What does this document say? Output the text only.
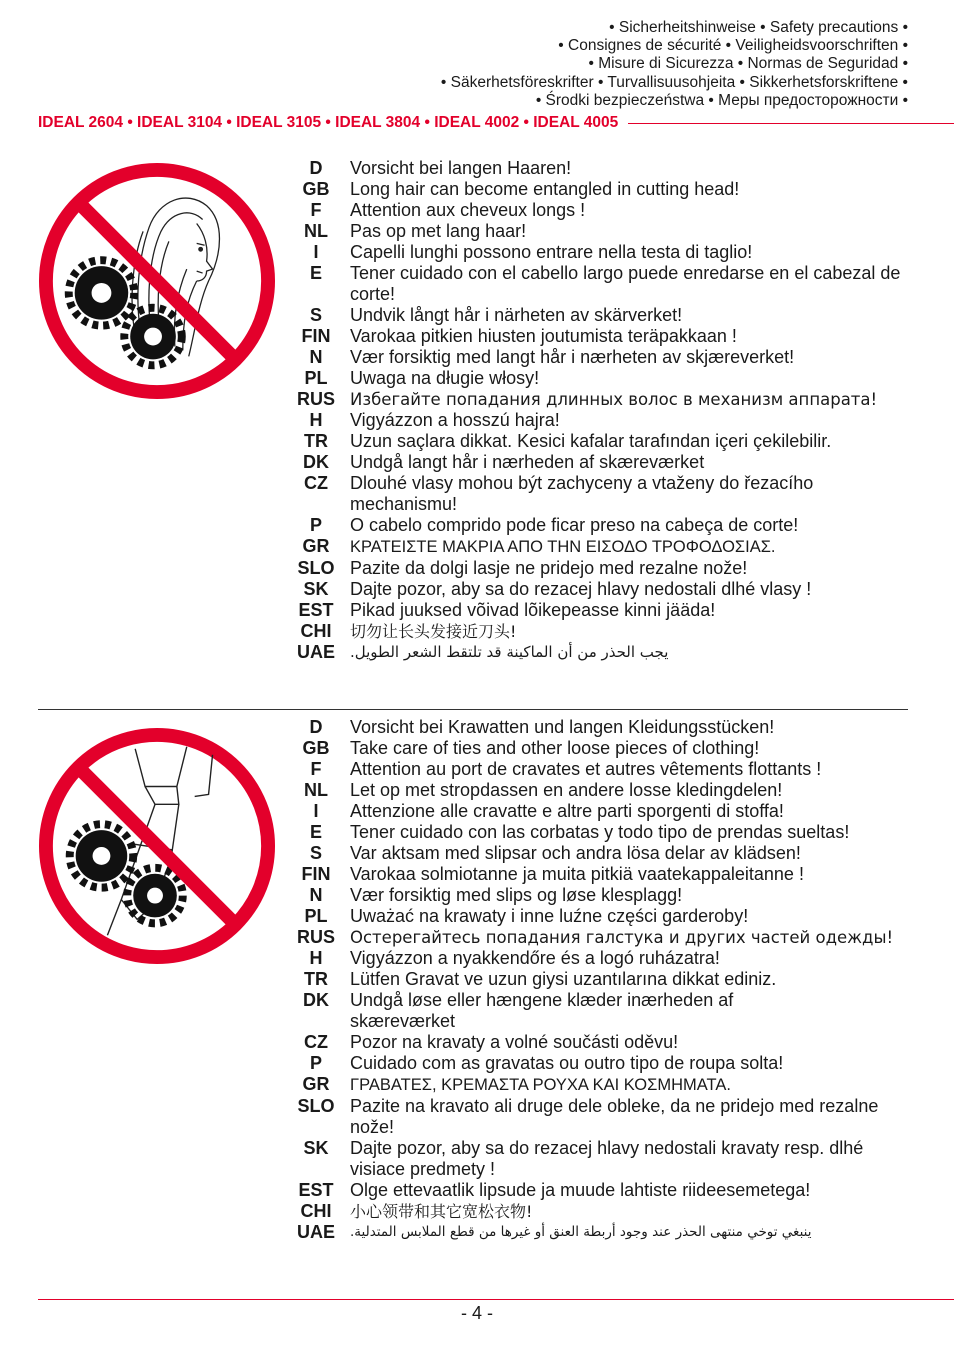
• Sicherheitshinweise • Safety precautions •
• Consignes de sécurité • Veiligheidsvoorschriften •
• Misure di Sicurezza • Normas de Seguridad •
• Säkerhetsföreskrifter • Turvallisuusohjeita • Sikkerhetsforskriftene •
• Środki bezpieczeństwa • Меры предосторожности •
IDEAL 2604 • IDEAL 3104 • IDEAL 3105 • IDEAL 3804 • IDEAL 4002 • IDEAL 4005
D	Vorsicht bei langen Haaren!
GB	Long hair can become entangled in cutting head!
F	Attention aux cheveux longs !
NL	Pas op met lang haar!
I	Capelli lunghi possono entrare nella testa di taglio!
E	Tener cuidado con el cabello largo puede enredarse en el cabezal de corte!
S	Undvik långt hår i närheten av skärverket!
FIN	Varokaa pitkien hiusten joutumista teräpakkaan !
N	Vær forsiktig med langt hår i nærheten av skjæreverket!
PL	Uwaga na długie włosy!
RUS Избегайте попадания длинных волос в механизм аппарата!
H	Vigyázzon a hosszú hajra!
TR	Uzun saçlara dikkat. Kesici kafalar tarafından içeri çekilebilir.
DK	Undgå langt hår i nærheden af skæreværket
CZ	Dlouhé vlasy mohou být zachyceny a vtaženy do řezacího mechanismu!
P	O cabelo comprido pode ficar preso na cabeça de corte!
GR	ΚΡΑΤΕΙΣΤΕ ΜΑΚΡΙΑ ΑΠΟ ΤΗΝ ΕΙΣΟΔΟ ΤΡΟΦΟΔΟΣΙΑΣ.
SLO Pazite da dolgi lasje ne pridejo med rezalne nože!
SK	Dajte pozor, aby sa do rezacej hlavy nedostali dlhé vlasy !
EST Pikad juuksed võivad lõikepeasse kinni jääda!
CHI	切勿让长头发接近刀头!
UAE يجب الحذر من أن الماكينة قد تلتقط الشعر الطويل.
D	Vorsicht bei Krawatten und langen Kleidungsstücken!
GB	Take care of ties and other loose pieces of clothing!
F	Attention au port de cravates et autres vêtements flottants !
NL	Let op met stropdassen en andere losse kledingdelen!
I	Attenzione alle cravatte e altre parti sporgenti di stoffa!
E	Tener cuidado con las corbatas y todo tipo de prendas sueltas!
S	Var aktsam med slipsar och andra lösa delar av klädsen!
FIN	Varokaa solmiotanne ja muita pitkiä vaatekappaleitanne !
N	Vær forsiktig med slips og løse klesplagg!
PL	Uważać na krawaty i inne luźne części garderoby!
RUS Остерегайтесь попадания галстука и других частей одежды!
H	Vigyázzon a nyakkendőre és a logó ruházatra!
TR	Lütfen Gravat ve uzun giysi uzantılarına dikkat ediniz.
DK	Undgå løse eller hængene klæder inærheden af skæreværket
CZ	Pozor na kravaty a volné součásti oděvu!
P	Cuidado com as gravatas ou outro tipo de roupa solta!
GR	ΓΡΑΒΑΤΕΣ, ΚΡΕΜΑΣΤΑ ΡΟΥΧΑ ΚΑΙ ΚΟΣΜΗΜΑΤΑ.
SLO Pazite na kravato ali druge dele obleke, da ne pridejo med rezalne nože!
SK	Dajte pozor, aby sa do rezacej hlavy nedostali kravaty resp. dlhé visiace predmety !
EST Olge ettevaatlik lipsude ja muude lahtiste riideesemetega!
CHI	小心领带和其它宽松衣物!
UAE ينبغي توخي منتهى الحذر عند وجود أربطة العنق أو غيرها من قطع الملابس المتدلية.
- 4 -
